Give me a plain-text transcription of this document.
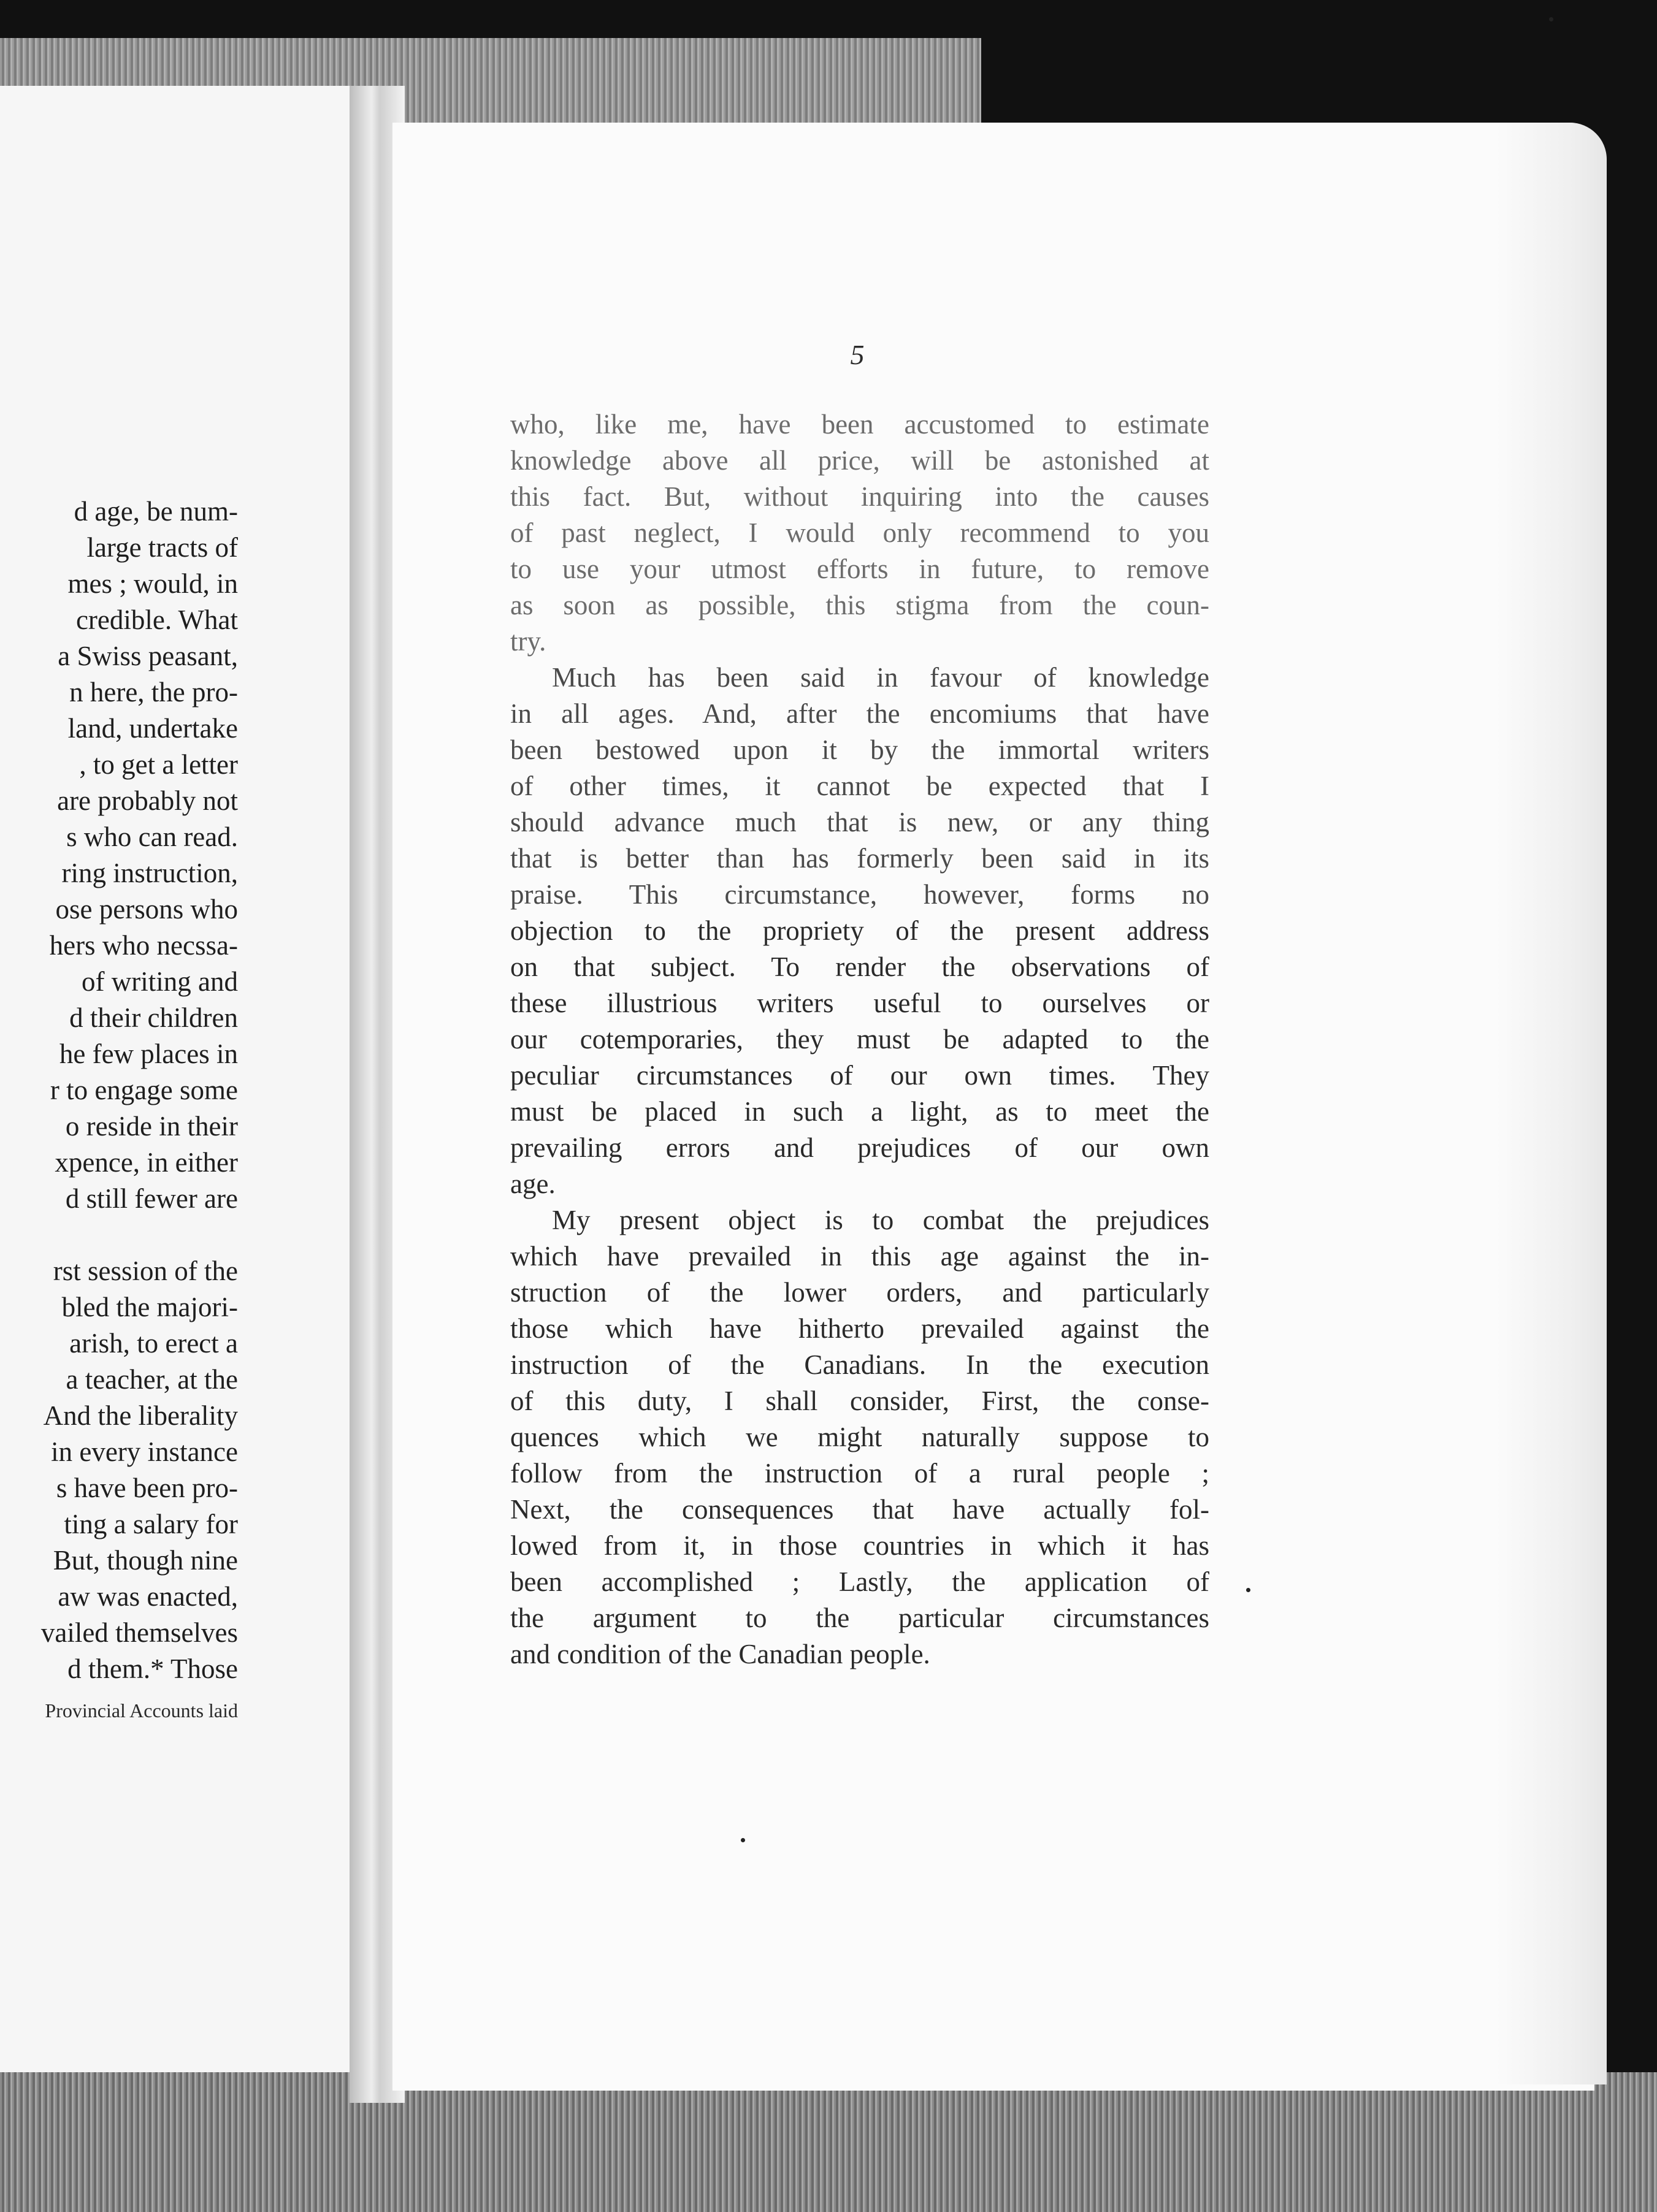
d age, be num-
large tracts of
mes ; would, in
credible. What
a Swiss peasant,
n here, the pro-
land, undertake
, to get a letter
are probably not
s who can read.
ring instruction,
ose persons who
hers who necssa-
of writing and
d their children
he few places in
r to engage some
o reside in their
xpence, in either
d still fewer are
rst session of the
bled the majori-
arish, to erect a
a teacher, at the
And the liberality
in every instance
s have been pro-
ting a salary for
But, though nine
aw was enacted,
vailed themselves
d them.* Those
Provincial Accounts laid
5
who, like me, have been accustomed to estimate
knowledge above all price, will be astonished at
this fact. But, without inquiring into the causes
of past neglect, I would only recommend to you
to use your utmost efforts in future, to remove
as soon as possible, this stigma from the coun-
try.
Much has been said in favour of knowledge
in all ages. And, after the encomiums that have
been bestowed upon it by the immortal writers
of other times, it cannot be expected that I
should advance much that is new, or any thing
that is better than has formerly been said in its
praise. This circumstance, however, forms no
objection to the propriety of the present address
on that subject. To render the observations of
these illustrious writers useful to ourselves or
our cotemporaries, they must be adapted to the
peculiar circumstances of our own times. They
must be placed in such a light, as to meet the
prevailing errors and prejudices of our own
age.
My present object is to combat the prejudices
which have prevailed in this age against the in-
struction of the lower orders, and particularly
those which have hitherto prevailed against the
instruction of the Canadians. In the execution
of this duty, I shall consider, First, the conse-
quences which we might naturally suppose to
follow from the instruction of a rural people ;
Next, the consequences that have actually fol-
lowed from it, in those countries in which it has
been accomplished ; Lastly, the application of
the argument to the particular circumstances
and condition of the Canadian people.
